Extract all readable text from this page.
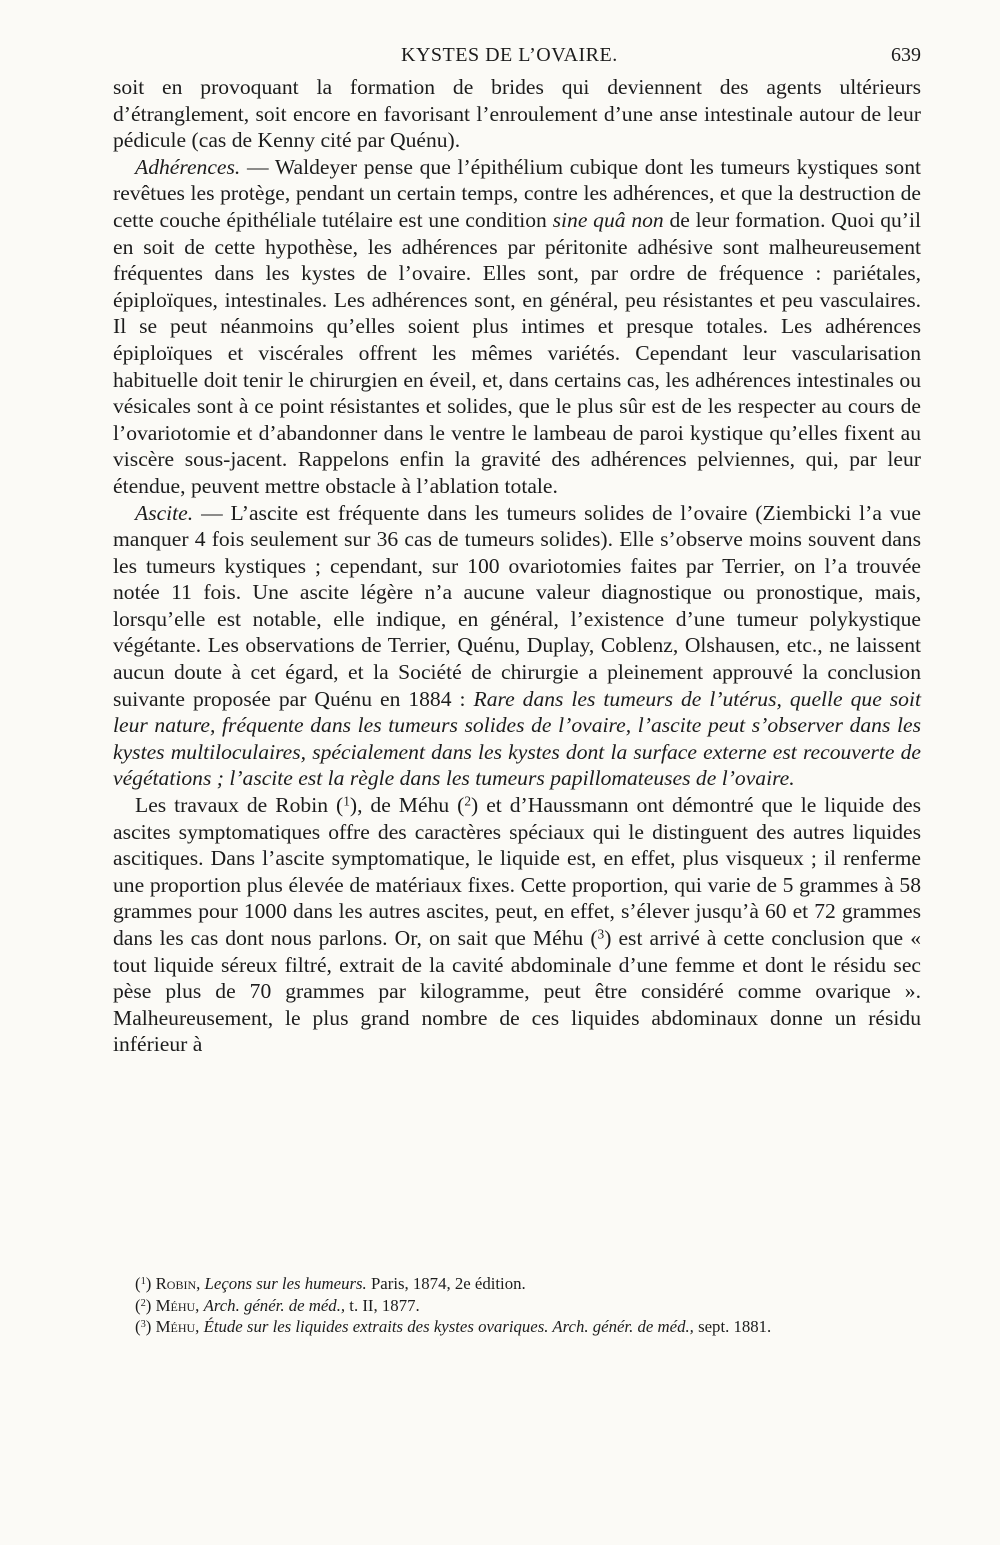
KYSTES DE L’OVAIRE.	639

soit en provoquant la formation de brides qui deviennent des agents ultérieurs d’étranglement, soit encore en favorisant l’enroulement d’une anse intestinale autour de leur pédicule (cas de Kenny cité par Quénu).

Adhérences. — Waldeyer pense que l’épithélium cubique dont les tumeurs kystiques sont revêtues les protège, pendant un certain temps, contre les adhérences, et que la destruction de cette couche épithéliale tutélaire est une condition sine quâ non de leur formation. Quoi qu’il en soit de cette hypothèse, les adhérences par péritonite adhésive sont malheureusement fréquentes dans les kystes de l’ovaire. Elles sont, par ordre de fréquence : pariétales, épiploïques, intestinales. Les adhérences sont, en général, peu résistantes et peu vasculaires. Il se peut néanmoins qu’elles soient plus intimes et presque totales. Les adhérences épiploïques et viscérales offrent les mêmes variétés. Cependant leur vascularisation habituelle doit tenir le chirurgien en éveil, et, dans certains cas, les adhérences intestinales ou vésicales sont à ce point résistantes et solides, que le plus sûr est de les respecter au cours de l’ovariotomie et d’abandonner dans le ventre le lambeau de paroi kystique qu’elles fixent au viscère sous-jacent. Rappelons enfin la gravité des adhérences pelviennes, qui, par leur étendue, peuvent mettre obstacle à l’ablation totale.

Ascite. — L’ascite est fréquente dans les tumeurs solides de l’ovaire (Ziembicki l’a vue manquer 4 fois seulement sur 36 cas de tumeurs solides). Elle s’observe moins souvent dans les tumeurs kystiques ; cependant, sur 100 ovariotomies faites par Terrier, on l’a trouvée notée 11 fois. Une ascite légère n’a aucune valeur diagnostique ou pronostique, mais, lorsqu’elle est notable, elle indique, en général, l’existence d’une tumeur polykystique végétante. Les observations de Terrier, Quénu, Duplay, Coblenz, Olshausen, etc., ne laissent aucun doute à cet égard, et la Société de chirurgie a pleinement approuvé la conclusion suivante proposée par Quénu en 1884 : Rare dans les tumeurs de l’utérus, quelle que soit leur nature, fréquente dans les tumeurs solides de l’ovaire, l’ascite peut s’observer dans les kystes multiloculaires, spécialement dans les kystes dont la surface externe est recouverte de végétations ; l’ascite est la règle dans les tumeurs papillomateuses de l’ovaire.

Les travaux de Robin ($^1$), de Méhu ($^2$) et d’Haussmann ont démontré que le liquide des ascites symptomatiques offre des caractères spéciaux qui le distinguent des autres liquides ascitiques. Dans l’ascite symptomatique, le liquide est, en effet, plus visqueux ; il renferme une proportion plus élevée de matériaux fixes. Cette proportion, qui varie de 5 grammes à 58 grammes pour 1000 dans les autres ascites, peut, en effet, s’élever jusqu’à 60 et 72 grammes dans les cas dont nous parlons. Or, on sait que Méhu ($^3$) est arrivé à cette conclusion que « tout liquide séreux filtré, extrait de la cavité abdominale d’une femme et dont le résidu sec pèse plus de 70 grammes par kilogramme, peut être considéré comme ovarique ». Malheureusement, le plus grand nombre de ces liquides abdominaux donne un résidu inférieur à

($^1$) Robin, Leçons sur les humeurs. Paris, 1874, 2e édition.

($^2$) Méhu, Arch. génér. de méd., t. II, 1877.

($^3$) Méhu, Étude sur les liquides extraits des kystes ovariques. Arch. génér. de méd., sept. 1881.
